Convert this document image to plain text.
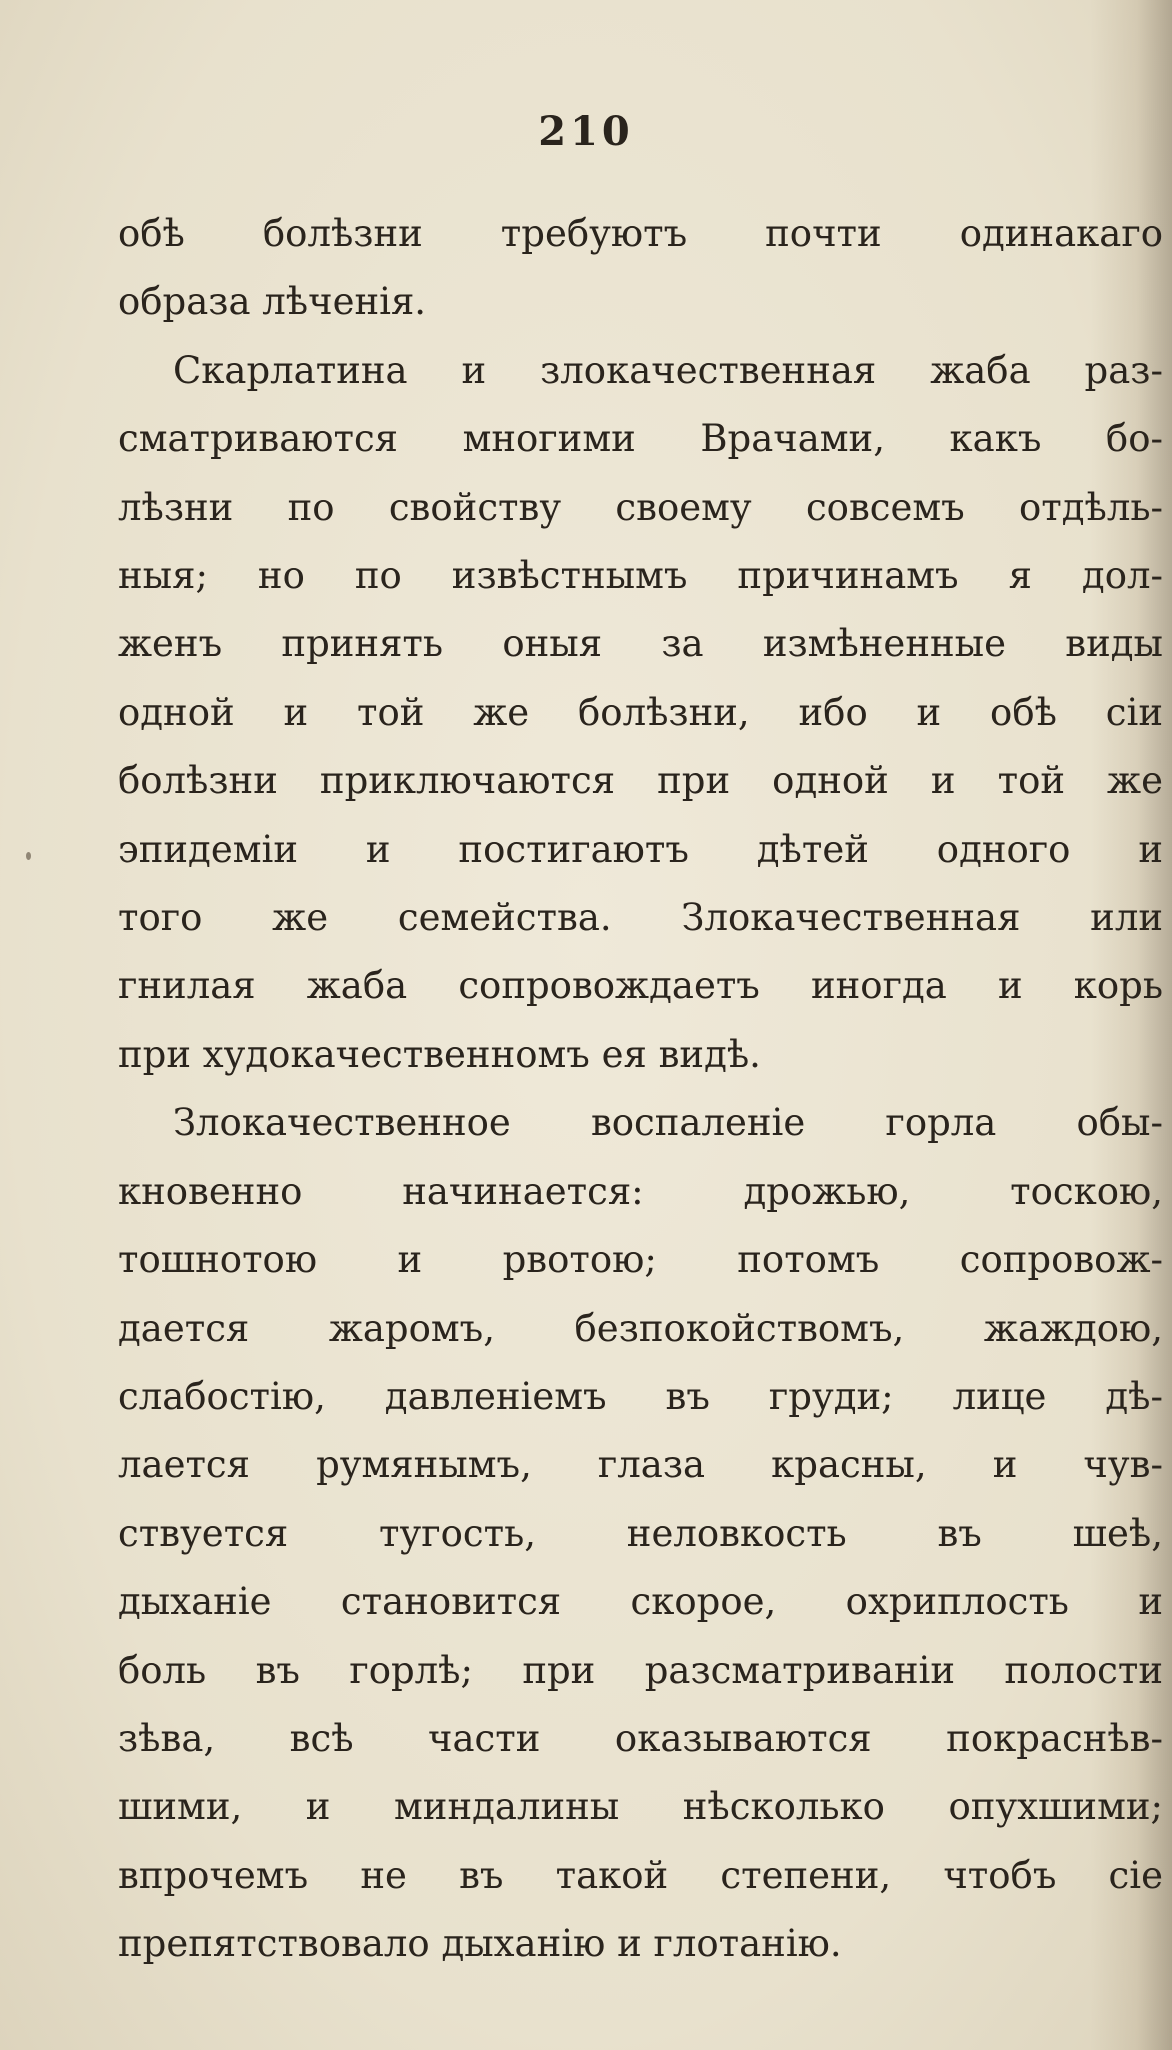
210
обѣ болѣзни требуютъ почти одинакаго
образа лѣченія.
Скарлатина и злокачественная жаба раз-
сматриваются многими Врачами, какъ бо-
лѣзни по свойству своему совсемъ отдѣль-
ныя; но по извѣстнымъ причинамъ я дол-
женъ принять оныя за измѣненные виды
одной и той же болѣзни, ибо и обѣ сіи
болѣзни приключаются при одной и той же
эпидеміи и постигаютъ дѣтей одного и
того же семейства. Злокачественная или
гнилая жаба сопровождаетъ иногда и корь
при худокачественномъ ея видѣ.
Злокачественное воспаленіе горла обы-
кновенно начинается: дрожью, тоскою,
тошнотою и рвотою; потомъ сопровож-
дается жаромъ, безпокойствомъ, жаждою,
слабостію, давленіемъ въ груди; лице дѣ-
лается румянымъ, глаза красны, и чув-
ствуется тугость, неловкость въ шеѣ,
дыханіе становится скорое, охриплость и
боль въ горлѣ; при разсматриваніи полости
зѣва, всѣ части оказываются покраснѣв-
шими, и миндалины нѣсколько опухшими;
впрочемъ не въ такой степени, чтобъ сіе
препятствовало дыханію и глотанію.
